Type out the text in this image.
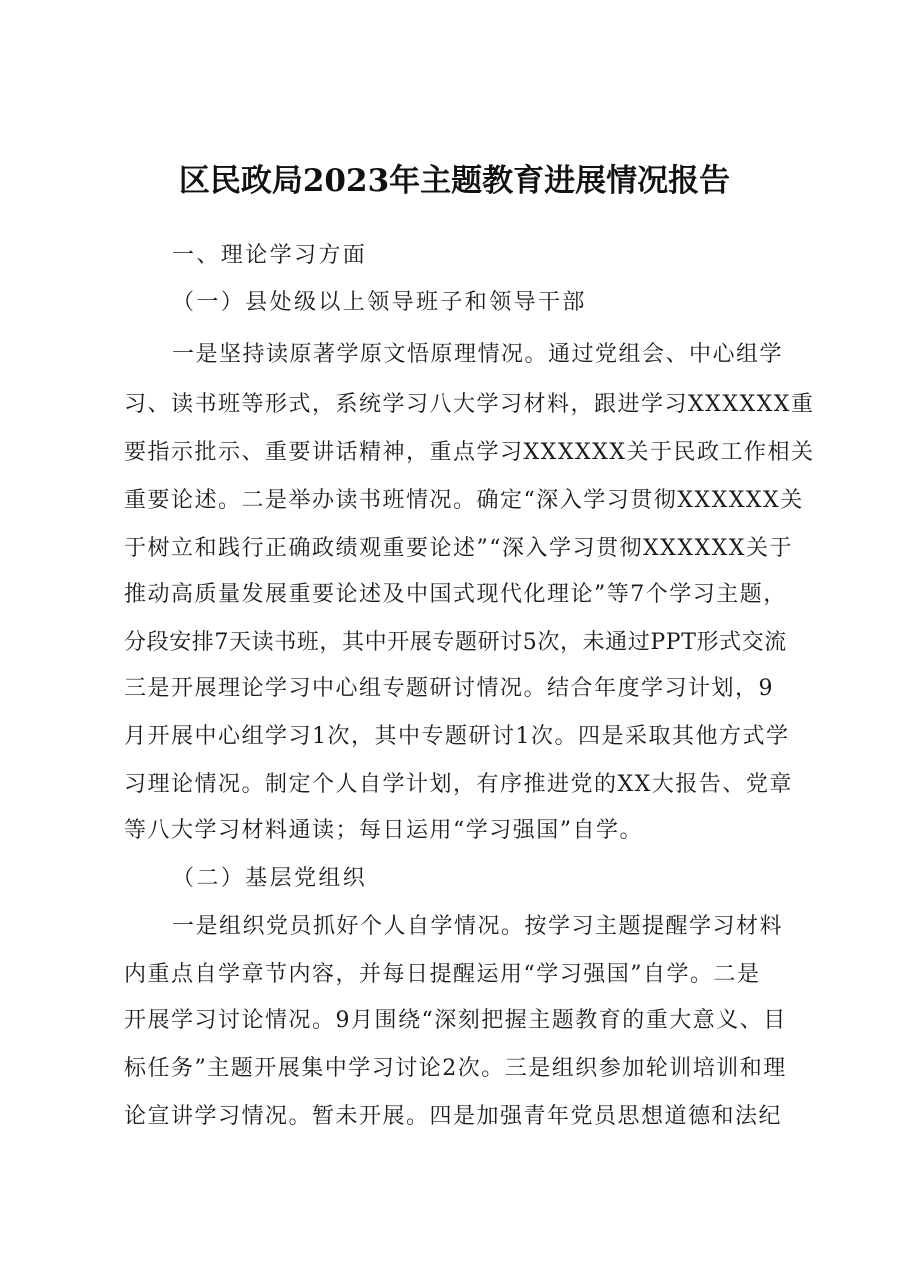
区民政局2023年主题教育进展情况报告
一、理论学习方面
（一）县处级以上领导班子和领导干部
一是坚持读原著学原文悟原理情况。通过党组会、中心组学
习、读书班等形式，系统学习八大学习材料，跟进学习XXXXXX重
要指示批示、重要讲话精神，重点学习XXXXXX关于民政工作相关
重要论述。二是举办读书班情况。确定“深入学习贯彻XXXXXX关
于树立和践行正确政绩观重要论述”“深入学习贯彻XXXXXX关于
推动高质量发展重要论述及中国式现代化理论”等7个学习主题，
分段安排7天读书班，其中开展专题研讨5次，未通过PPT形式交流
三是开展理论学习中心组专题研讨情况。结合年度学习计划，9
月开展中心组学习1次，其中专题研讨1次。四是采取其他方式学
习理论情况。制定个人自学计划，有序推进党的XX大报告、党章
等八大学习材料通读；每日运用“学习强国”自学。
（二）基层党组织
一是组织党员抓好个人自学情况。按学习主题提醒学习材料
内重点自学章节内容，并每日提醒运用“学习强国”自学。二是
开展学习讨论情况。9月围绕“深刻把握主题教育的重大意义、目
标任务”主题开展集中学习讨论2次。三是组织参加轮训培训和理
论宣讲学习情况。暂未开展。四是加强青年党员思想道德和法纪
